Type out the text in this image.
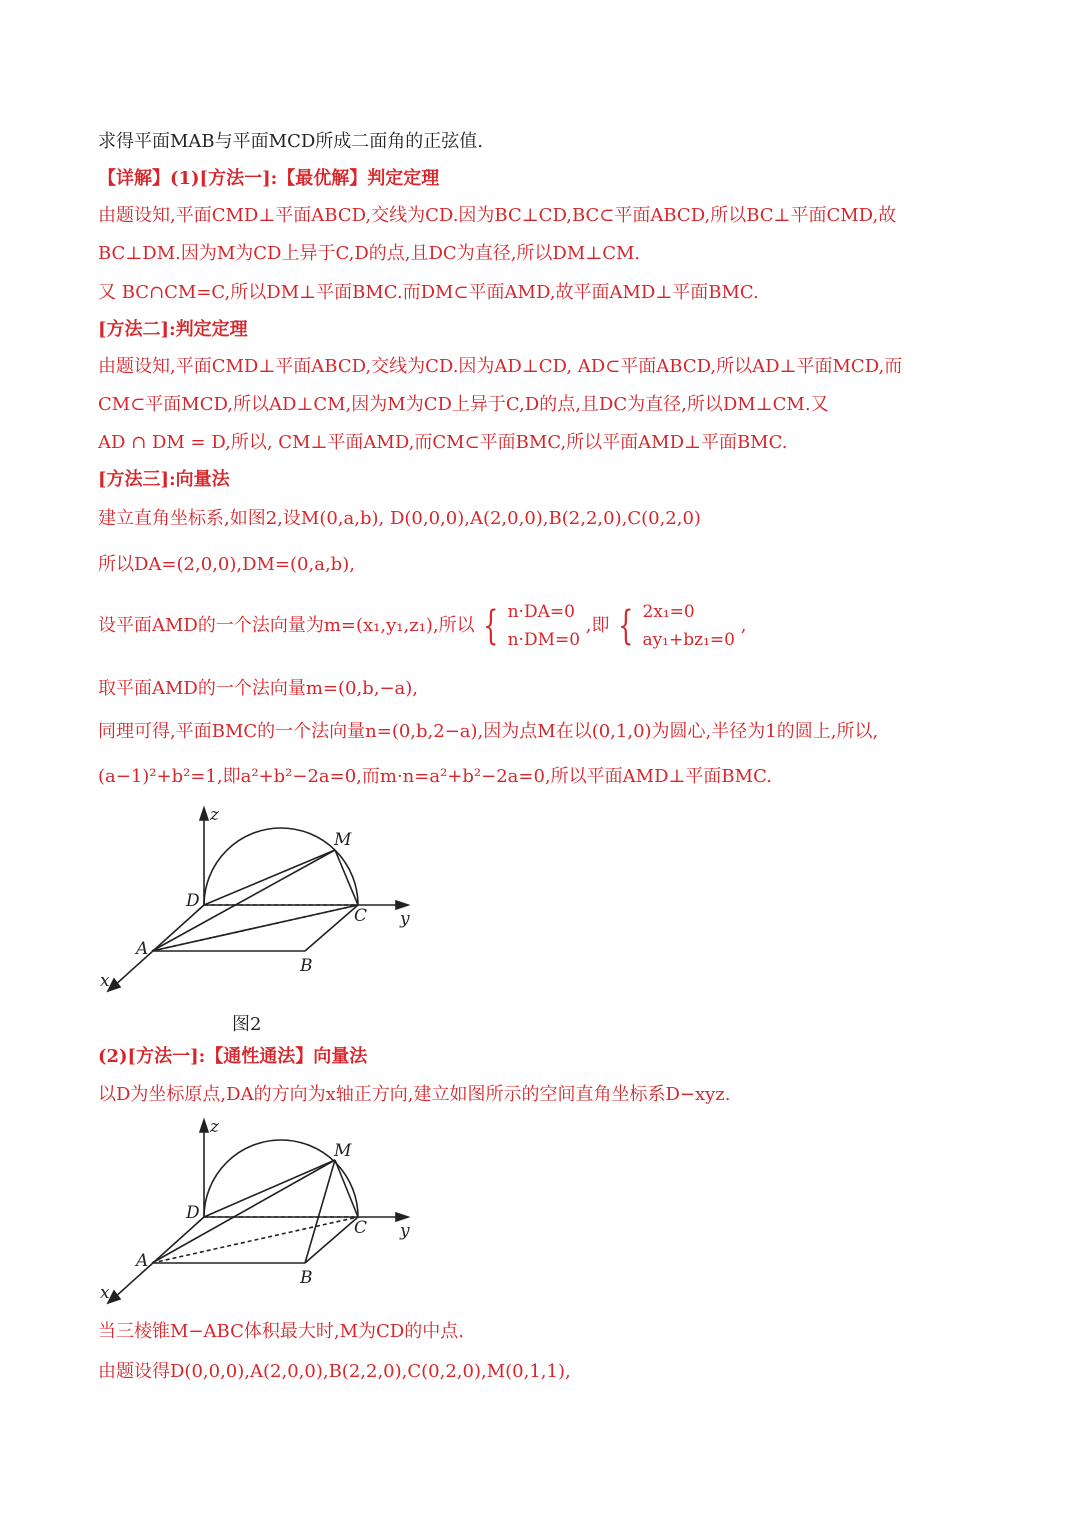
求得平面MAB与平面MCD所成二面角的正弦值.
【详解】(1)[方法一]:【最优解】判定定理
由题设知,平面CMD⊥平面ABCD,交线为CD.因为BC⊥CD,BC⊂平面ABCD,所以BC⊥平面CMD,故
BC⊥DM.因为M为CD上异于C,D的点,且DC为直径,所以DM⊥CM.
又 BC∩CM=C,所以DM⊥平面BMC.而DM⊂平面AMD,故平面AMD⊥平面BMC.
[方法二]:判定定理
由题设知,平面CMD⊥平面ABCD,交线为CD.因为AD⊥CD, AD⊂平面ABCD,所以AD⊥平面MCD,而
CM⊂平面MCD,所以AD⊥CM,因为M为CD上异于C,D的点,且DC为直径,所以DM⊥CM.又
AD ∩ DM = D,所以, CM⊥平面AMD,而CM⊂平面BMC,所以平面AMD⊥平面BMC.
[方法三]:向量法
建立直角坐标系,如图2,设M(0,a,b), D(0,0,0),A(2,0,0),B(2,2,0),C(0,2,0)
所以DA=(2,0,0),DM=(0,a,b),
设平面AMD的一个法向量为m=(x₁,y₁,z₁),所以 { n·DA=0
n·DM=0 ,即 { 2x₁=0
ay₁+bz₁=0 ,
取平面AMD的一个法向量m=(0,b,−a),
同理可得,平面BMC的一个法向量n=(0,b,2−a),因为点M在以(0,1,0)为圆心,半径为1的圆上,所以,
(a−1)²+b²=1,即a²+b²−2a=0,而m·n=a²+b²−2a=0,所以平面AMD⊥平面BMC.
z
y
x
M
D
C
A
B
图2
(2)[方法一]:【通性通法】向量法
以D为坐标原点,DA的方向为x轴正方向,建立如图所示的空间直角坐标系D−xyz.
z
y
x
M
D
C
A
B
当三棱锥M−ABC体积最大时,M为CD的中点.
由题设得D(0,0,0),A(2,0,0),B(2,2,0),C(0,2,0),M(0,1,1),
